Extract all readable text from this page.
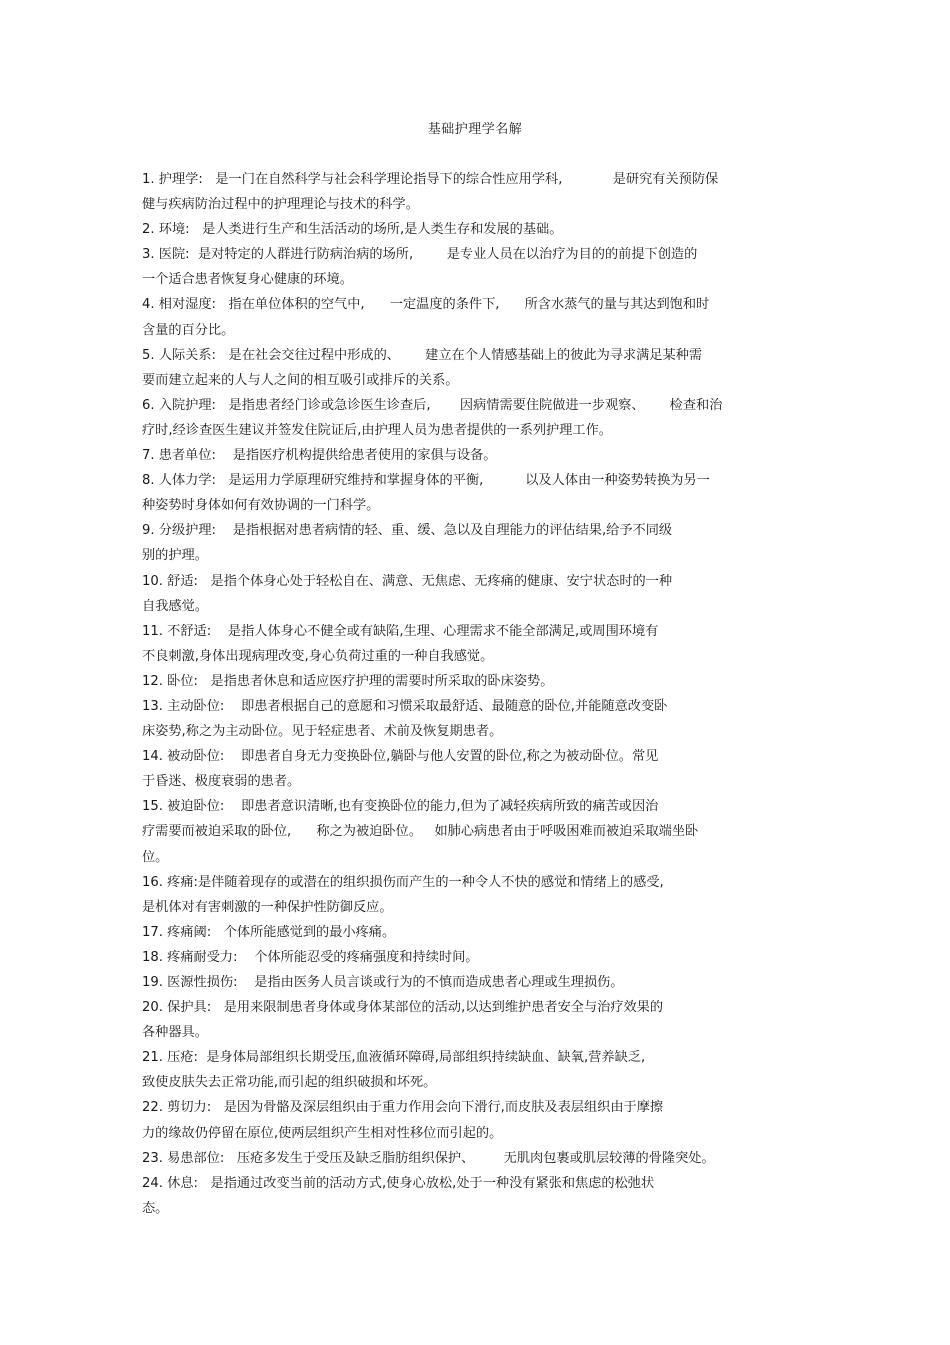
基础护理学名解
1. 护理学:   是一门在自然科学与社会科学理论指导下的综合性应用学科,            是研究有关预防保
健与疾病防治过程中的护理理论与技术的科学。
2. 环境:   是人类进行生产和生活活动的场所,是人类生存和发展的基础。
3. 医院:  是对特定的人群进行防病治病的场所,        是专业人员在以治疗为目的的前提下创造的
一个适合患者恢复身心健康的环境。
4. 相对湿度:   指在单位体积的空气中,      一定温度的条件下,      所含水蒸气的量与其达到饱和时
含量的百分比。
5. 人际关系:   是在社会交往过程中形成的、      建立在个人情感基础上的彼此为寻求满足某种需
要而建立起来的人与人之间的相互吸引或排斥的关系。
6. 入院护理:   是指患者经门诊或急诊医生诊查后,       因病情需要住院做进一步观察、      检查和治
疗时,经诊查医生建议并签发住院证后,由护理人员为患者提供的一系列护理工作。
7. 患者单位:    是指医疗机构提供给患者使用的家俱与设备。
8. 人体力学:   是运用力学原理研究维持和掌握身体的平衡,          以及人体由一种姿势转换为另一
种姿势时身体如何有效协调的一门科学。
9. 分级护理:    是指根据对患者病情的轻、重、缓、急以及自理能力的评估结果,给予不同级
别的护理。
10. 舒适:   是指个体身心处于轻松自在、满意、无焦虑、无疼痛的健康、安宁状态时的一种
自我感觉。
11. 不舒适:    是指人体身心不健全或有缺陷,生理、心理需求不能全部满足,或周围环境有
不良刺激,身体出现病理改变,身心负荷过重的一种自我感觉。
12. 卧位:   是指患者休息和适应医疗护理的需要时所采取的卧床姿势。
13. 主动卧位:    即患者根据自己的意愿和习惯采取最舒适、最随意的卧位,并能随意改变卧
床姿势,称之为主动卧位。见于轻症患者、术前及恢复期患者。
14. 被动卧位:    即患者自身无力变换卧位,躺卧与他人安置的卧位,称之为被动卧位。常见
于昏迷、极度衰弱的患者。
15. 被迫卧位:    即患者意识清晰,也有变换卧位的能力,但为了减轻疾病所致的痛苦或因治
疗需要而被迫采取的卧位,      称之为被迫卧位。   如肺心病患者由于呼吸困难而被迫采取端坐卧
位。
16. 疼痛:是伴随着现存的或潜在的组织损伤而产生的一种令人不快的感觉和情绪上的感受,
是机体对有害刺激的一种保护性防御反应。
17. 疼痛阈:   个体所能感觉到的最小疼痛。
18. 疼痛耐受力:    个体所能忍受的疼痛强度和持续时间。
19. 医源性损伤:    是指由医务人员言谈或行为的不慎而造成患者心理或生理损伤。
20. 保护具:   是用来限制患者身体或身体某部位的活动,以达到维护患者安全与治疗效果的
各种器具。
21. 压疮:  是身体局部组织长期受压,血液循环障碍,局部组织持续缺血、缺氧,营养缺乏,
致使皮肤失去正常功能,而引起的组织破损和坏死。
22. 剪切力:   是因为骨骼及深层组织由于重力作用会向下滑行,而皮肤及表层组织由于摩擦
力的缘故仍停留在原位,使两层组织产生相对性移位而引起的。
23. 易患部位:   压疮多发生于受压及缺乏脂肪组织保护、       无肌肉包裹或肌层较薄的骨隆突处。
24. 休息:   是指通过改变当前的活动方式,使身心放松,处于一种没有紧张和焦虑的松弛状
态。
